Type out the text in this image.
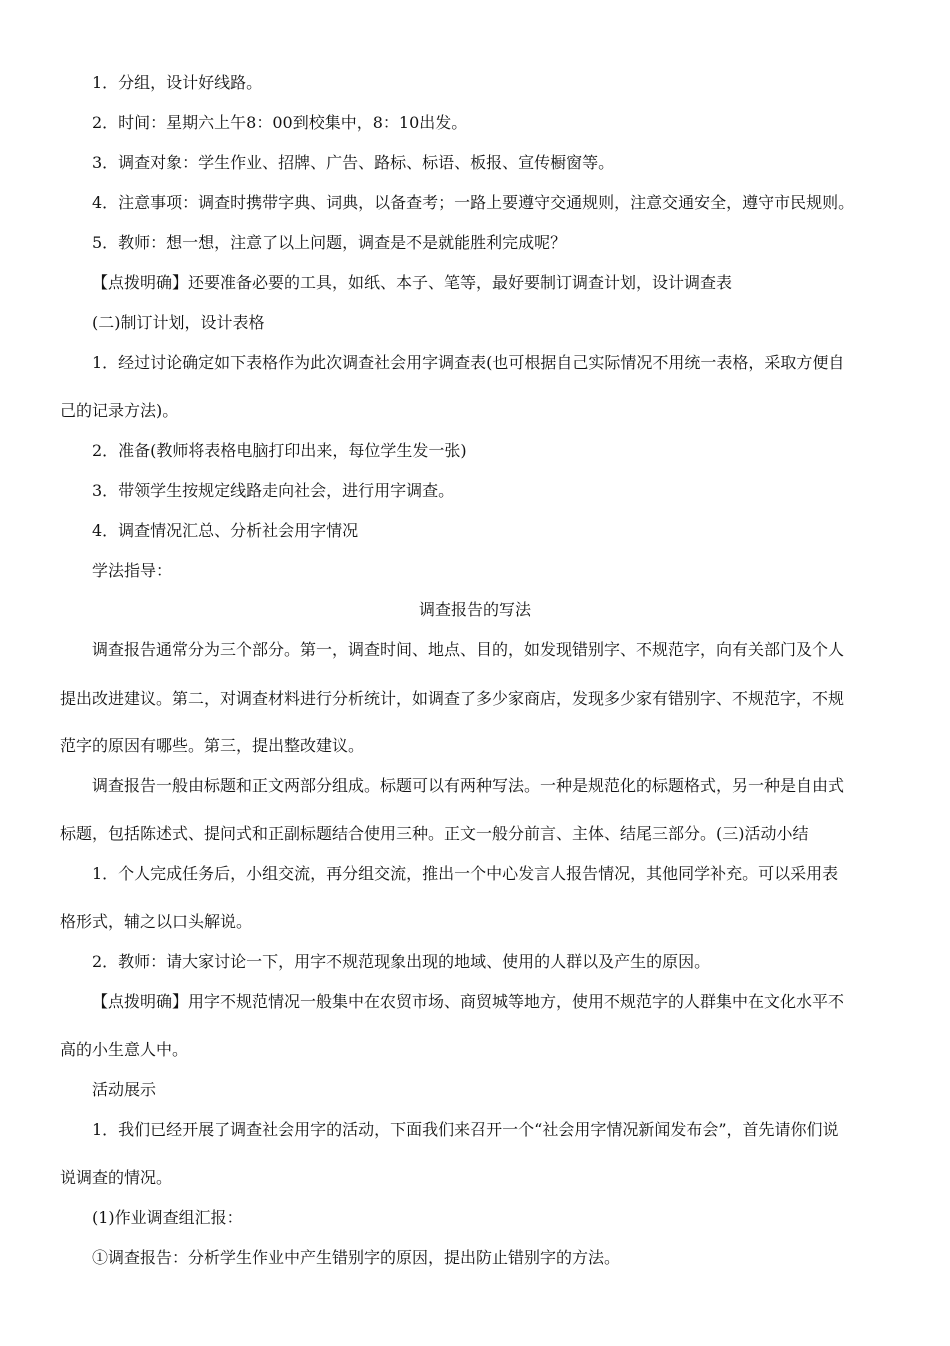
1．分组，设计好线路。
2．时间：星期六上午8：00到校集中，8：10出发。
3．调查对象：学生作业、招牌、广告、路标、标语、板报、宣传橱窗等。
4．注意事项：调查时携带字典、词典，以备查考；一路上要遵守交通规则，注意交通安全，遵守市民规则。
5．教师：想一想，注意了以上问题，调查是不是就能胜利完成呢？
【点拨明确】还要准备必要的工具，如纸、本子、笔等，最好要制订调查计划，设计调查表
(二)制订计划，设计表格
1．经过讨论确定如下表格作为此次调查社会用字调查表(也可根据自己实际情况不用统一表格，采取方便自
己的记录方法)。
2．准备(教师将表格电脑打印出来，每位学生发一张)
3．带领学生按规定线路走向社会，进行用字调查。
4．调查情况汇总、分析社会用字情况
学法指导：
调查报告的写法
调查报告通常分为三个部分。第一，调查时间、地点、目的，如发现错别字、不规范字，向有关部门及个人
提出改进建议。第二，对调查材料进行分析统计，如调查了多少家商店，发现多少家有错别字、不规范字，不规
范字的原因有哪些。第三，提出整改建议。
调查报告一般由标题和正文两部分组成。标题可以有两种写法。一种是规范化的标题格式，另一种是自由式
标题，包括陈述式、提问式和正副标题结合使用三种。正文一般分前言、主体、结尾三部分。(三)活动小结
1．个人完成任务后，小组交流，再分组交流，推出一个中心发言人报告情况，其他同学补充。可以采用表
格形式，辅之以口头解说。
2．教师：请大家讨论一下，用字不规范现象出现的地域、使用的人群以及产生的原因。
【点拨明确】用字不规范情况一般集中在农贸市场、商贸城等地方，使用不规范字的人群集中在文化水平不
高的小生意人中。
活动展示
1．我们已经开展了调查社会用字的活动，下面我们来召开一个“社会用字情况新闻发布会”，首先请你们说
说调查的情况。
(1)作业调查组汇报：
①调查报告：分析学生作业中产生错别字的原因，提出防止错别字的方法。
